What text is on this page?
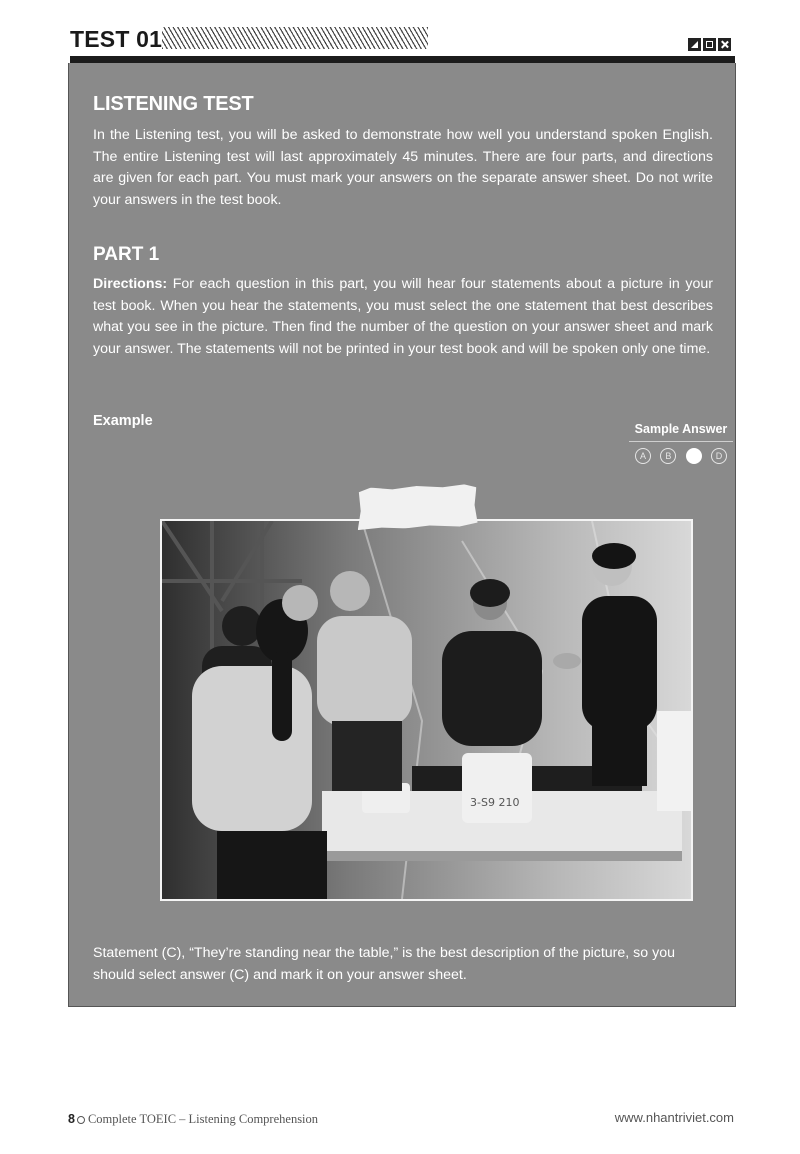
TEST 01
LISTENING TEST

In the Listening test, you will be asked to demonstrate how well you understand spoken English. The entire Listening test will last approximately 45 minutes. There are four parts, and directions are given for each part. You must mark your answers on the separate answer sheet. Do not write your answers in the test book.

PART 1

Directions: For each question in this part, you will hear four statements about a picture in your test book. When you hear the statements, you must select the one statement that best describes what you see in the picture. Then find the number of the question on your answer sheet and mark your answer. The statements will not be printed in your test book and will be spoken only one time.

Example	Sample Answer
A	B	D
3-S9 210

Statement (C), “They’re standing near the table,” is the best description of the picture, so you should select answer (C) and mark it on your answer sheet.

8 Complete TOEIC – Listening Comprehension	www.nhantriviet.com
